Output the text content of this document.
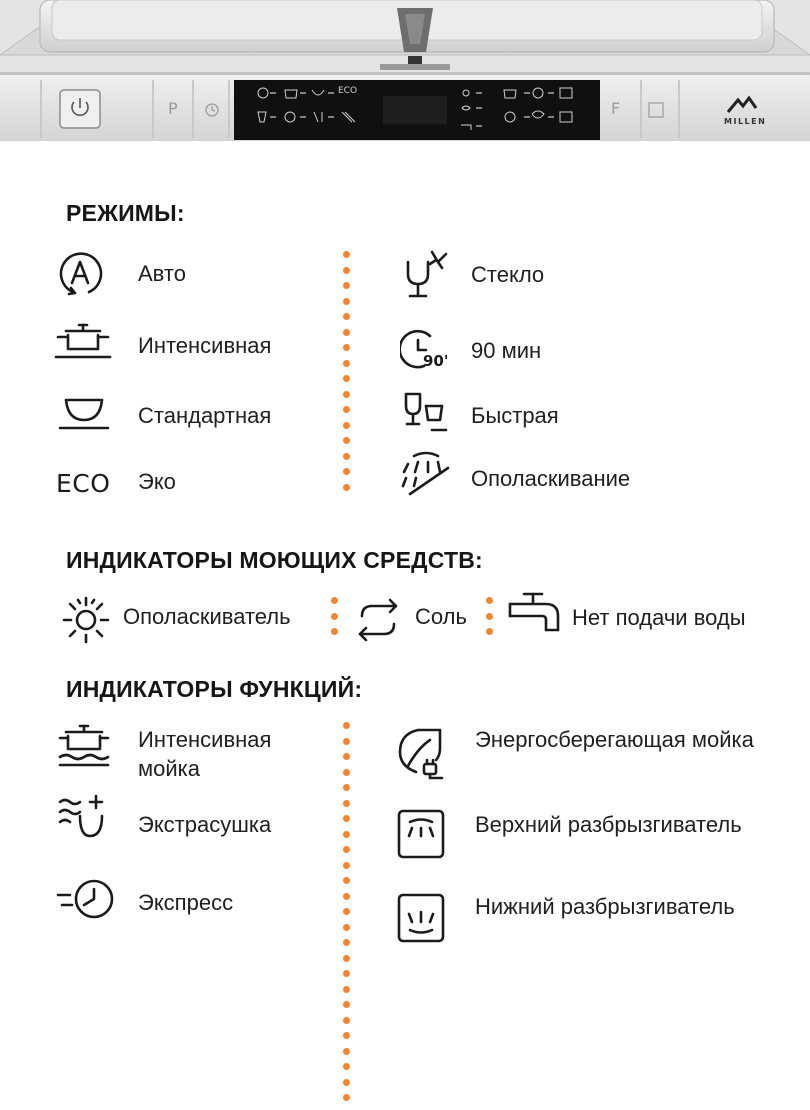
P	F
ECO
MILLEN
РЕЖИМЫ:
Авто
Интенсивная
Стандартная
ECO Эко
Стекло
90' 90 мин
Быстрая
Ополаскивание
ИНДИКАТОРЫ МОЮЩИХ СРЕДСТВ:
Ополаскиватель	Соль	Нет подачи воды
ИНДИКАТОРЫ ФУНКЦИЙ:
Интенсивная мойка
Экстрасушка
Экспресс
Энергосберегающая мойка
Верхний разбрызгиватель
Нижний разбрызгиватель
